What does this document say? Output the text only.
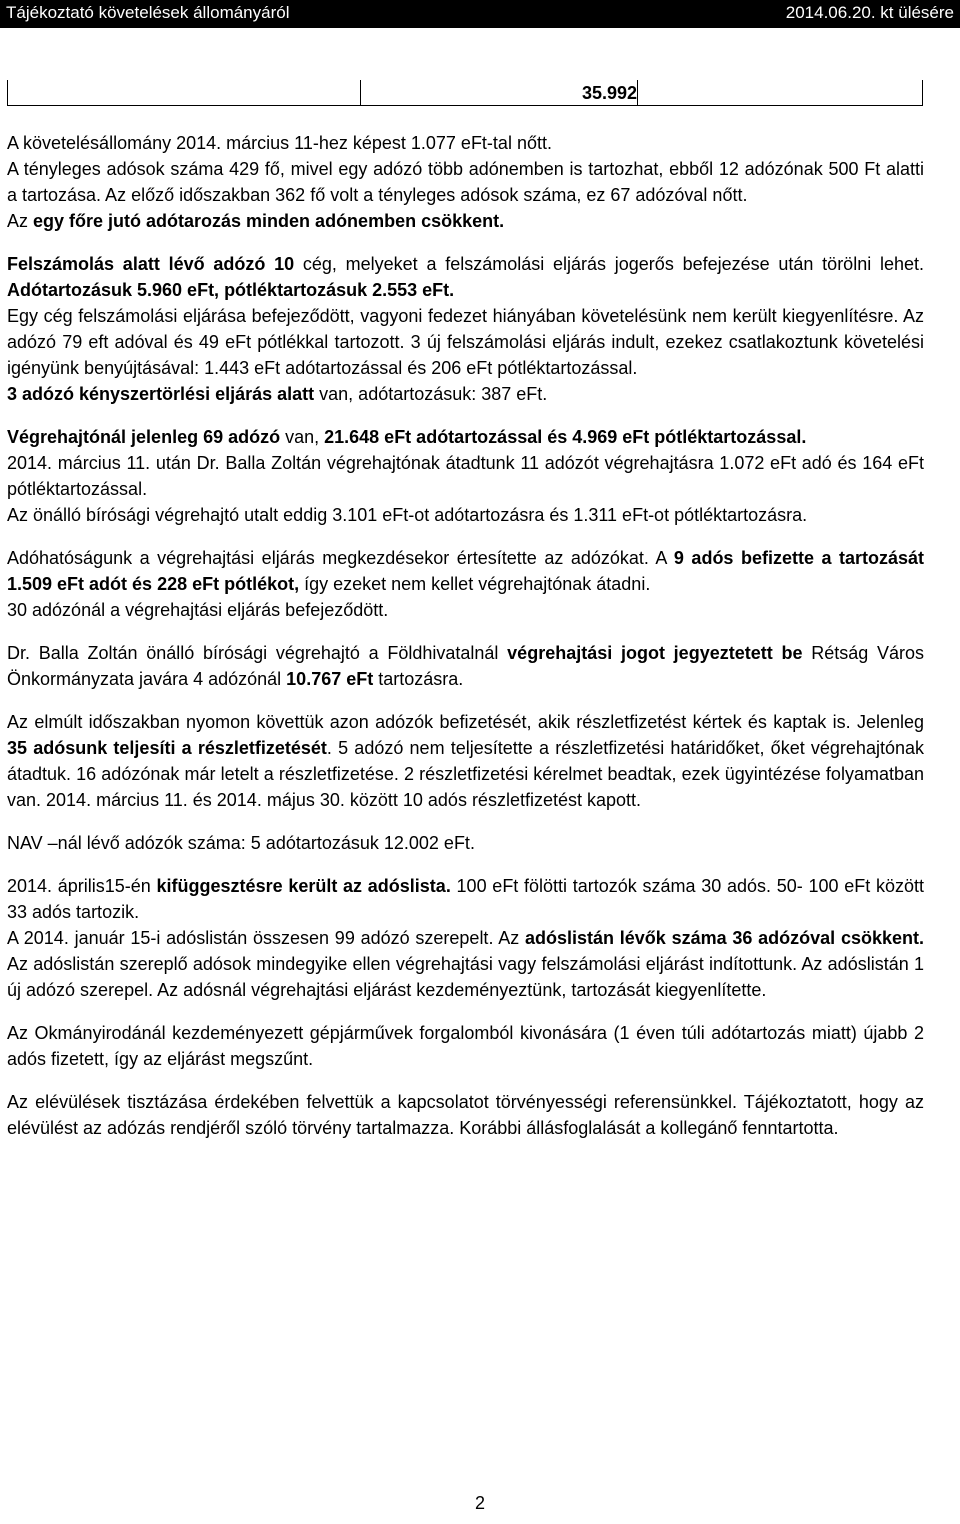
Tájékoztató követelések állományáról	2014.06.20. kt ülésére
35.992

A követelésállomány 2014. március 11-hez képest 1.077 eFt-tal nőtt.
A tényleges adósok száma 429 fő, mivel egy adózó több adónemben is tartozhat, ebből 12 adózónak 500 Ft alatti a tartozása. Az előző időszakban 362 fő volt a tényleges adósok száma, ez 67 adózóval nőtt.
Az egy főre jutó adótarozás minden adónemben csökkent.

Felszámolás alatt lévő adózó 10 cég, melyeket a felszámolási eljárás jogerős befejezése után törölni lehet. Adótartozásuk 5.960 eFt, pótléktartozásuk 2.553 eFt.
Egy cég felszámolási eljárása befejeződött, vagyoni fedezet hiányában követelésünk nem került kiegyenlítésre. Az adózó 79 eft adóval és 49 eFt pótlékkal tartozott. 3 új felszámolási eljárás indult, ezekez csatlakoztunk követelési igényünk benyújtásával: 1.443 eFt adótartozással és 206 eFt pótléktartozással.
3 adózó kényszertörlési eljárás alatt van, adótartozásuk: 387 eFt.

Végrehajtónál jelenleg 69 adózó van, 21.648 eFt adótartozással és 4.969 eFt pótléktartozással.
2014. március 11. után Dr. Balla Zoltán végrehajtónak átadtunk 11 adózót végrehajtásra 1.072 eFt adó és 164 eFt pótléktartozással.
Az önálló bírósági végrehajtó utalt eddig 3.101 eFt-ot adótartozásra és 1.311 eFt-ot pótléktartozásra.

Adóhatóságunk a végrehajtási eljárás megkezdésekor értesítette az adózókat. A 9 adós befizette a tartozását 1.509 eFt adót és 228 eFt pótlékot, így ezeket nem kellet végrehajtónak átadni.
30 adózónál a végrehajtási eljárás befejeződött.

Dr. Balla Zoltán önálló bírósági végrehajtó a Földhivatalnál végrehajtási jogot jegyeztetett be Rétság Város Önkormányzata javára 4 adózónál 10.767 eFt tartozásra.

Az elmúlt időszakban nyomon követtük azon adózók befizetését, akik részletfizetést kértek és kaptak is. Jelenleg 35 adósunk teljesíti a részletfizetését. 5 adózó nem teljesítette a részletfizetési határidőket, őket végrehajtónak átadtuk. 16 adózónak már letelt a részletfizetése. 2 részletfizetési kérelmet beadtak, ezek ügyintézése folyamatban van. 2014. március 11. és 2014. május 30. között 10 adós részletfizetést kapott.

NAV –nál lévő adózók száma: 5 adótartozásuk 12.002 eFt.

2014. április15-én kifüggesztésre került az adóslista. 100 eFt fölötti tartozók száma 30 adós. 50- 100 eFt között 33 adós tartozik.
A 2014. január 15-i adóslistán összesen 99 adózó szerepelt. Az adóslistán lévők száma 36 adózóval csökkent. Az adóslistán szereplő adósok mindegyike ellen végrehajtási vagy felszámolási eljárást indítottunk. Az adóslistán 1 új adózó szerepel. Az adósnál végrehajtási eljárást kezdeményeztünk, tartozását kiegyenlítette.

Az Okmányirodánál kezdeményezett gépjárművek forgalomból kivonására (1 éven túli adótartozás miatt) újabb 2 adós fizetett, így az eljárást megszűnt.

Az elévülések tisztázása érdekében felvettük a kapcsolatot törvényességi referensünkkel. Tájékoztatott, hogy az elévülést az adózás rendjéről szóló törvény tartalmazza. Korábbi állásfoglalását a kollegánő fenntartotta.

2
